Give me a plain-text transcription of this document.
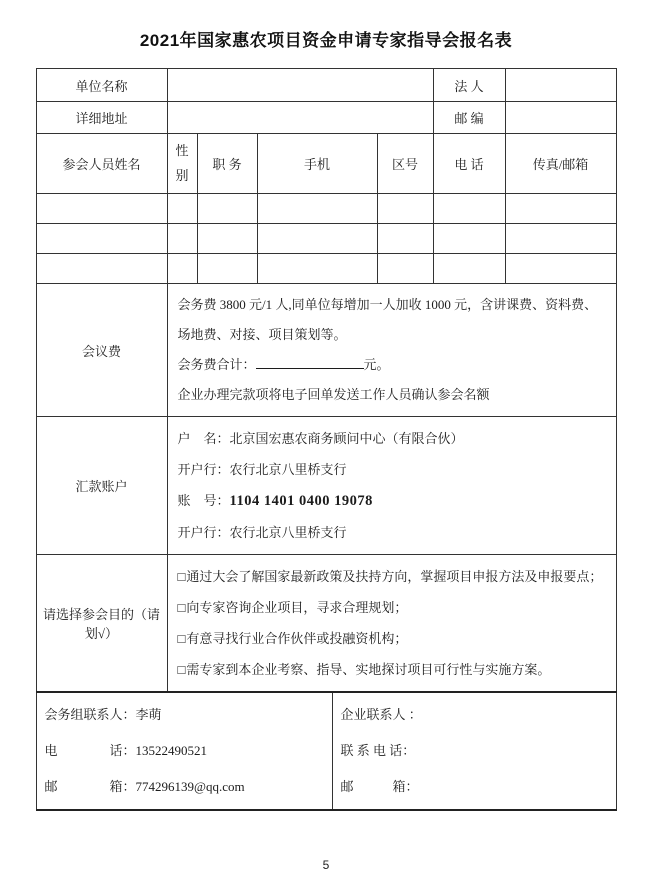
2021年国家惠农项目资金申请专家指导会报名表
单位名称					法 人	
详细地址					邮 编	
参会人员姓名	性别	职 务	手机	区号	电 话	传真/邮箱

会议费	会务费 3800 元/1 人,同单位每增加一人加收 1000 元，含讲课费、资料费、场地费、对接、项目策划等。
会务费合计： 元。
企业办理完款项将电子回单发送工作人员确认参会名额					

汇款账户	户　名：北京国宏惠农商务顾问中心（有限合伙）
开户行：农行北京八里桥支行
账　号：1104 1401 0400 19078
开户行：农行北京八里桥支行					

请选择参会目的（请划√）	□通过大会了解国家最新政策及扶持方向，掌握项目申报方法及申报要点；
□向专家咨询企业项目，寻求合理规划；
□有意寻找行业合作伙伴或投融资机构；
□需专家到本企业考察、指导、实地探讨项目可行性与实施方案。					
会务组联系人：李萌
电　　　　话：13522490521
邮　　　　箱：774296139@qq.com

企业联系人 ：
联 系 电 话：
邮　　　箱：
5
